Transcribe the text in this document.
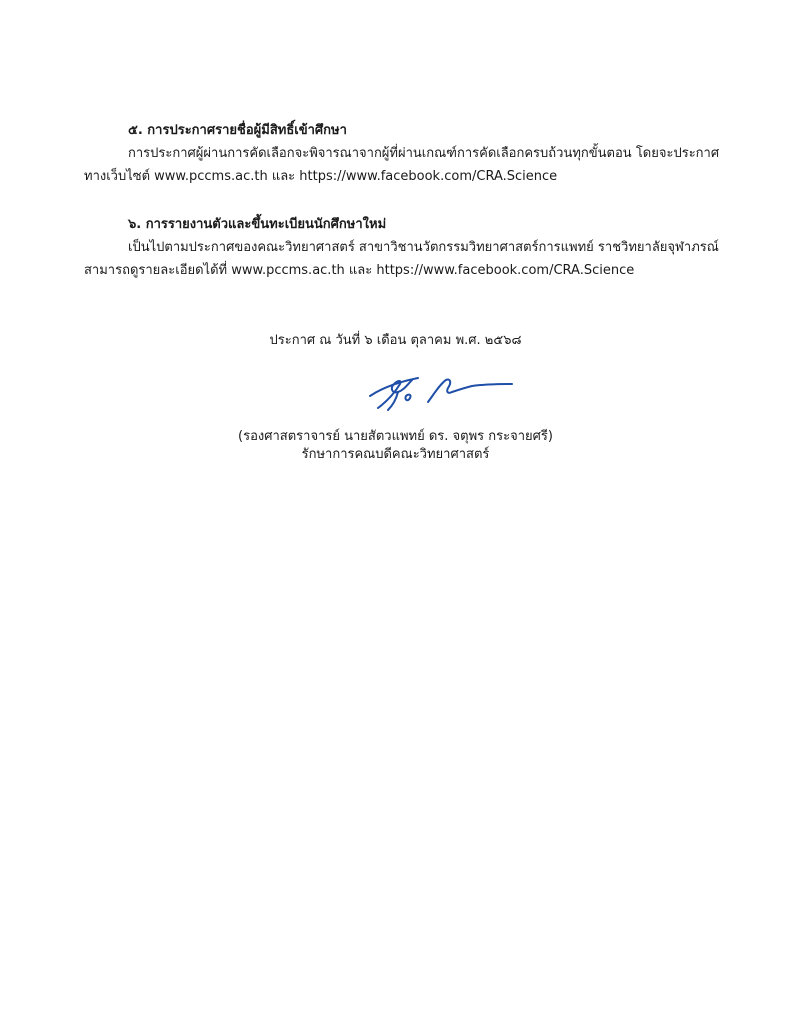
๕. การประกาศรายชื่อผู้มีสิทธิ์เข้าศึกษา
การประกาศผู้ผ่านการคัดเลือกจะพิจารณาจากผู้ที่ผ่านเกณฑ์การคัดเลือกครบถ้วนทุกขั้นตอน โดยจะประกาศ
ทางเว็บไซต์ www.pccms.ac.th และ https://www.facebook.com/CRA.Science
๖. การรายงานตัวและขึ้นทะเบียนนักศึกษาใหม่
เป็นไปตามประกาศของคณะวิทยาศาสตร์ สาขาวิชานวัตกรรมวิทยาศาสตร์การแพทย์ ราชวิทยาลัยจุฬาภรณ์
สามารถดูรายละเอียดได้ที่ www.pccms.ac.th และ https://www.facebook.com/CRA.Science
ประกาศ ณ วันที่ ๖ เดือน ตุลาคม พ.ศ. ๒๕๖๘
(รองศาสตราจารย์ นายสัตวแพทย์ ดร. จตุพร กระจายศรี)
รักษาการคณบดีคณะวิทยาศาสตร์
